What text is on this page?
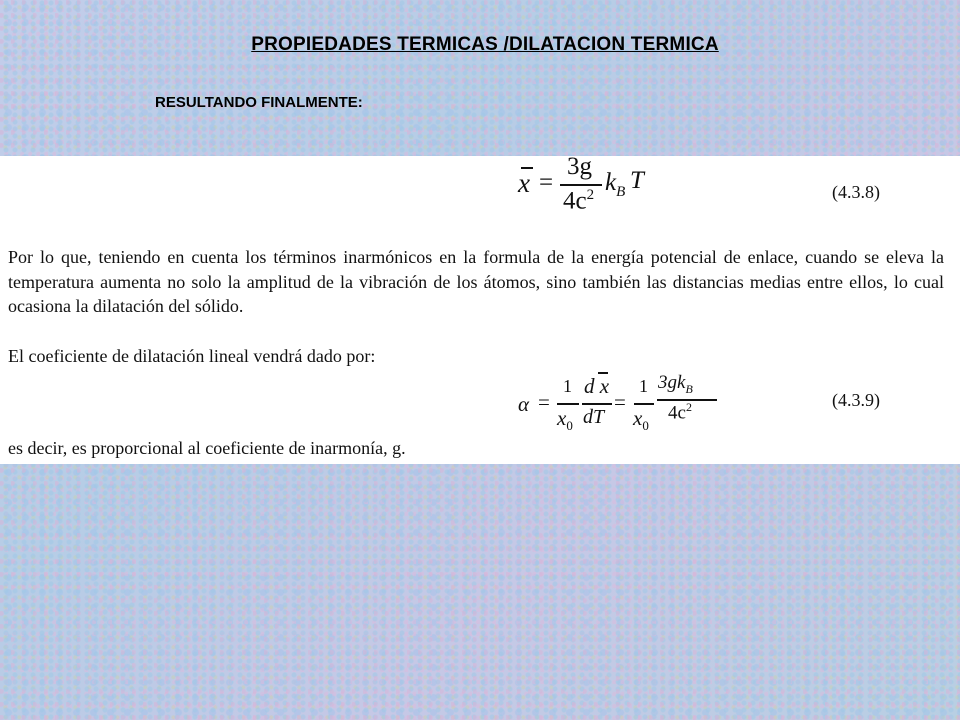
PROPIEDADES TERMICAS /DILATACION TERMICA
RESULTANDO FINALMENTE:
x =
3g
$4c^2$ $k_B$ T	(4.3.8)

Por lo que, teniendo en cuenta los términos inarmónicos en la formula de la energía potencial de enlace, cuando se eleva la temperatura aumenta no solo la amplitud de la vibración de los átomos, sino también las distancias medias entre ellos, lo cual ocasiona la dilatación del sólido.

El coeficiente de dilatación lineal vendrá dado por:

α =
1
$x_0$
d x
dT
=
1
$x_0$
$3gk_B$
$4c^2$	(4.3.9)

es decir, es proporcional al coeficiente de inarmonía, g.
